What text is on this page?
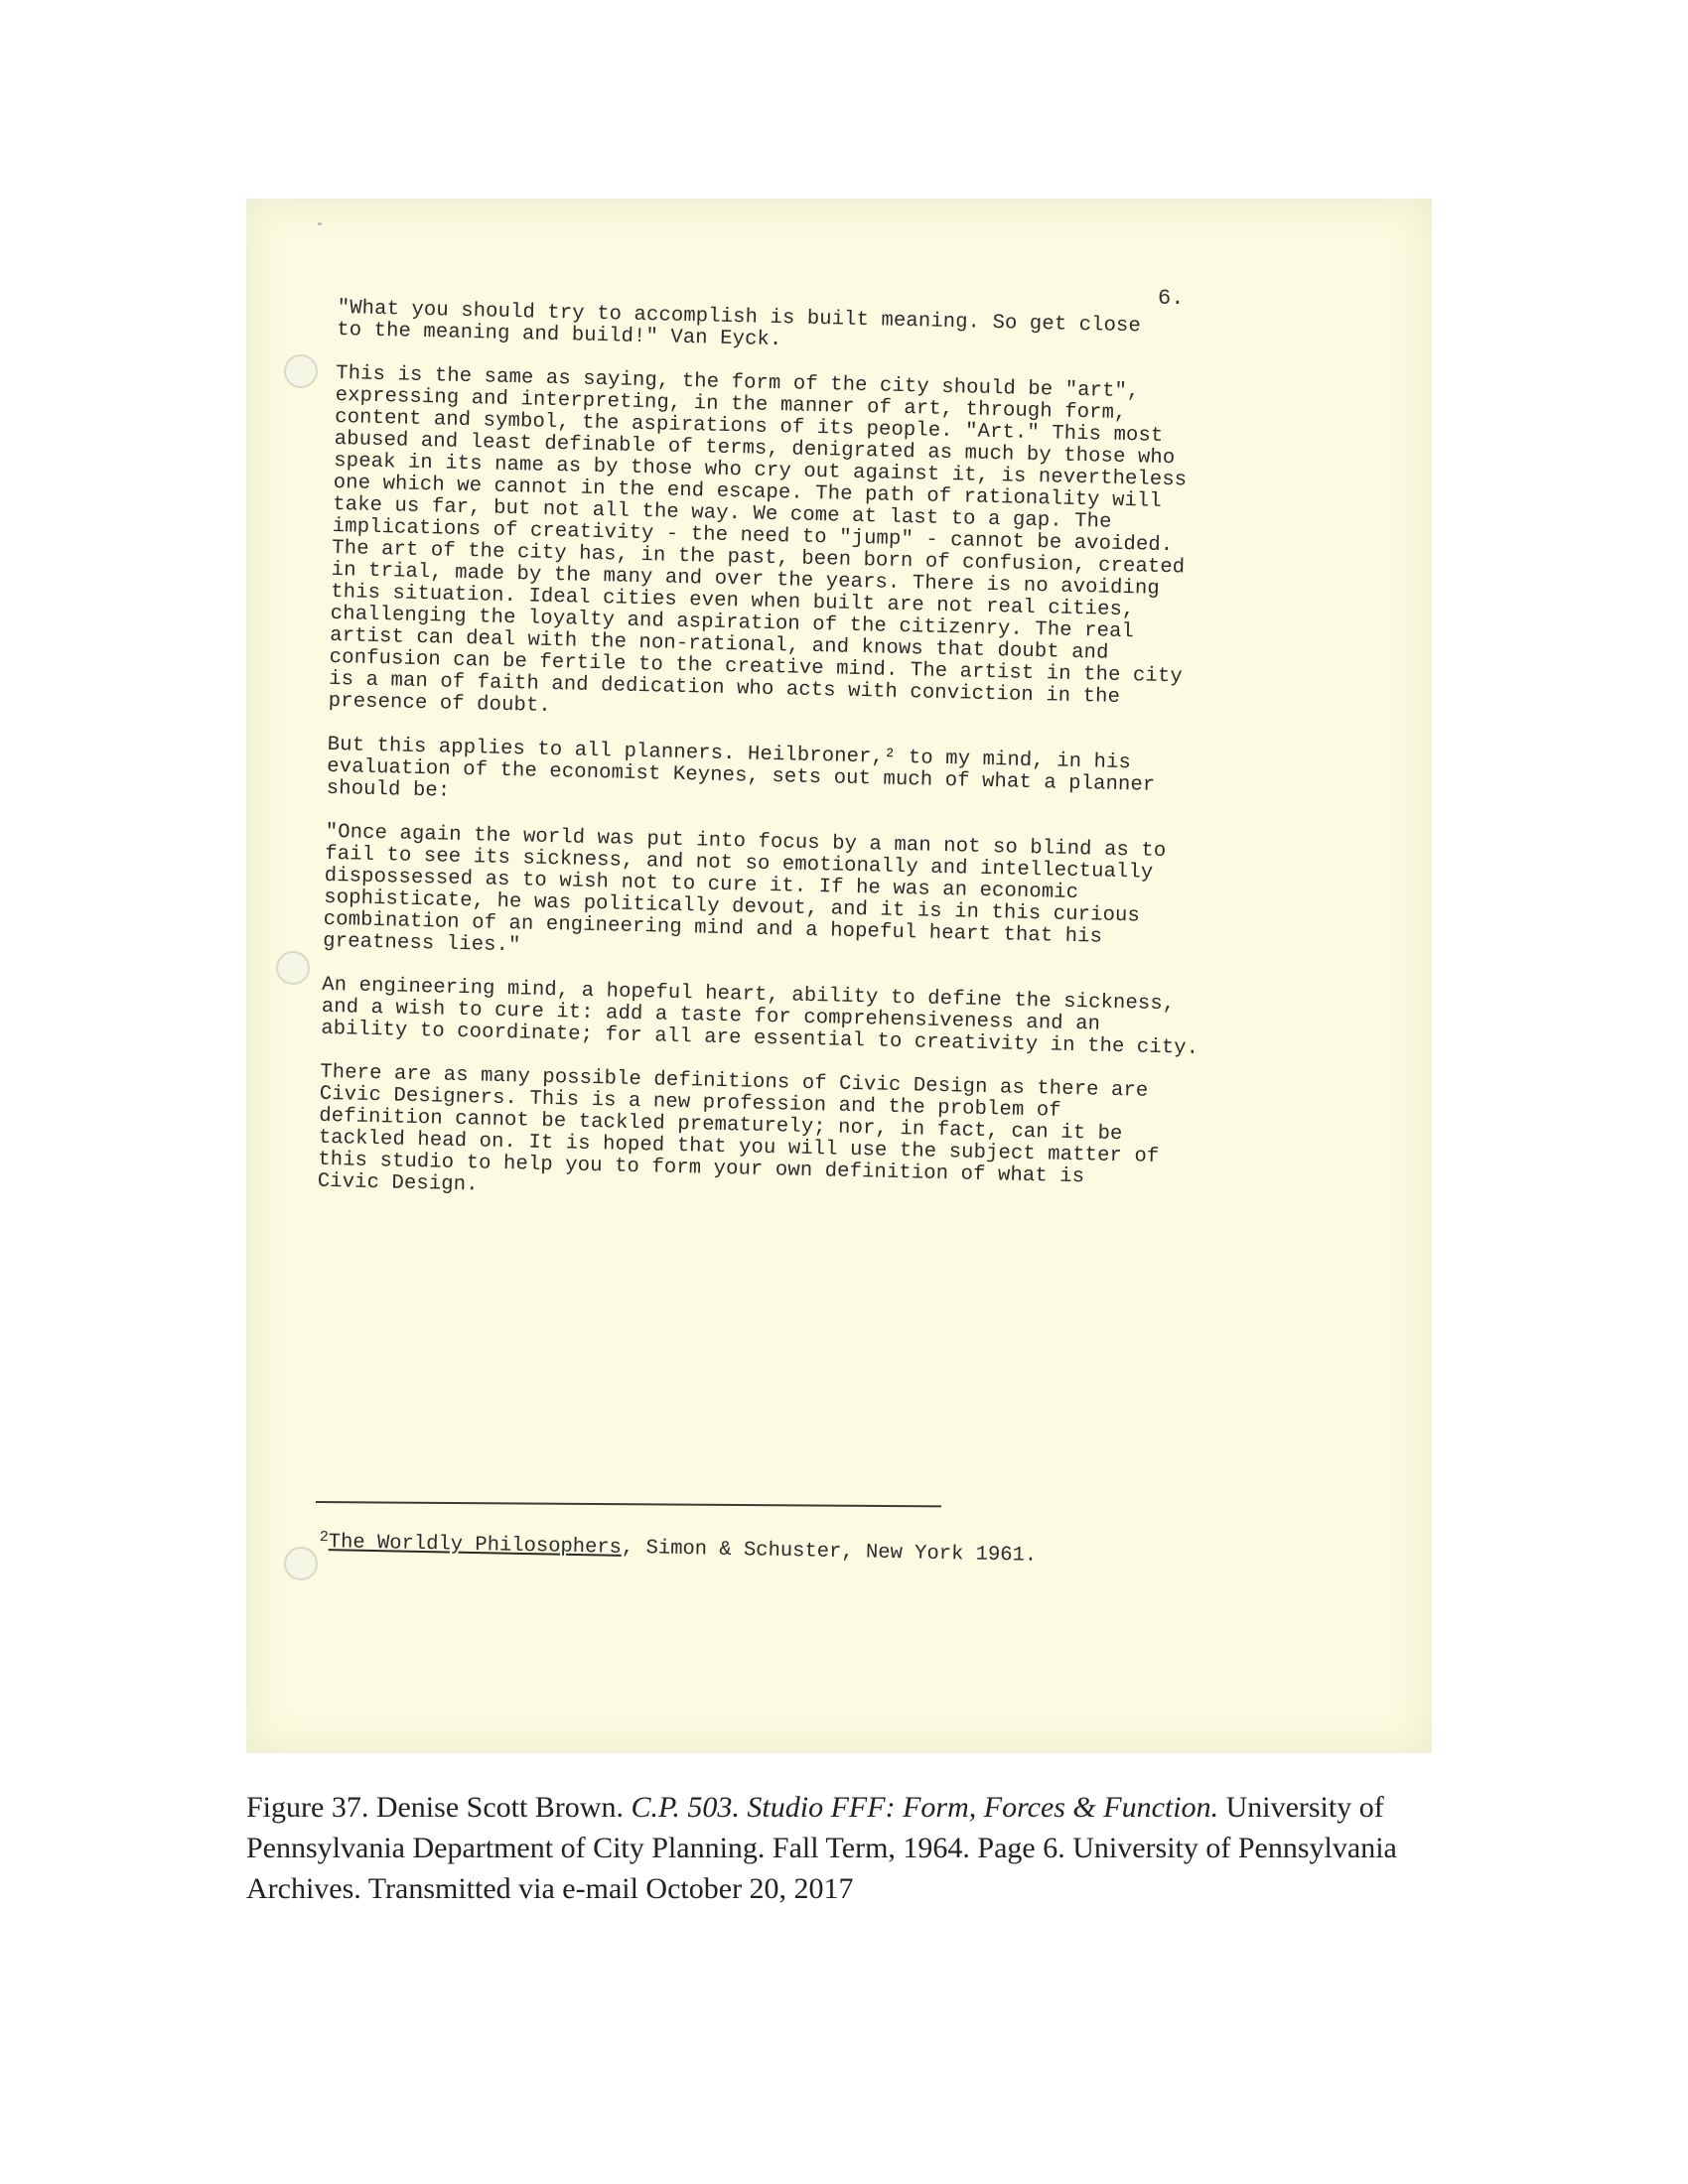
6.

"What you should try to accomplish is built meaning. So get close
to the meaning and build!" Van Eyck.

This is the same as saying, the form of the city should be "art",
expressing and interpreting, in the manner of art, through form,
content and symbol, the aspirations of its people. "Art." This most
abused and least definable of terms, denigrated as much by those who
speak in its name as by those who cry out against it, is nevertheless
one which we cannot in the end escape. The path of rationality will
take us far, but not all the way. We come at last to a gap. The
implications of creativity - the need to "jump" - cannot be avoided.
The art of the city has, in the past, been born of confusion, created
in trial, made by the many and over the years. There is no avoiding
this situation. Ideal cities even when built are not real cities,
challenging the loyalty and aspiration of the citizenry. The real
artist can deal with the non-rational, and knows that doubt and
confusion can be fertile to the creative mind. The artist in the city
is a man of faith and dedication who acts with conviction in the
presence of doubt.

But this applies to all planners. Heilbroner,² to my mind, in his
evaluation of the economist Keynes, sets out much of what a planner
should be:

"Once again the world was put into focus by a man not so blind as to
fail to see its sickness, and not so emotionally and intellectually
dispossessed as to wish not to cure it. If he was an economic
sophisticate, he was politically devout, and it is in this curious
combination of an engineering mind and a hopeful heart that his
greatness lies."

An engineering mind, a hopeful heart, ability to define the sickness,
and a wish to cure it: add a taste for comprehensiveness and an
ability to coordinate; for all are essential to creativity in the city.

There are as many possible definitions of Civic Design as there are
Civic Designers. This is a new profession and the problem of
definition cannot be tackled prematurely; nor, in fact, can it be
tackled head on. It is hoped that you will use the subject matter of
this studio to help you to form your own definition of what is
Civic Design.

$^2$The Worldly Philosophers, Simon & Schuster, New York 1961.
Figure 37. Denise Scott Brown. C.P. 503. Studio FFF: Form, Forces & Function. University of Pennsylvania Department of City Planning. Fall Term, 1964. Page 6. University of Pennsylvania Archives. Transmitted via e-mail October 20, 2017
